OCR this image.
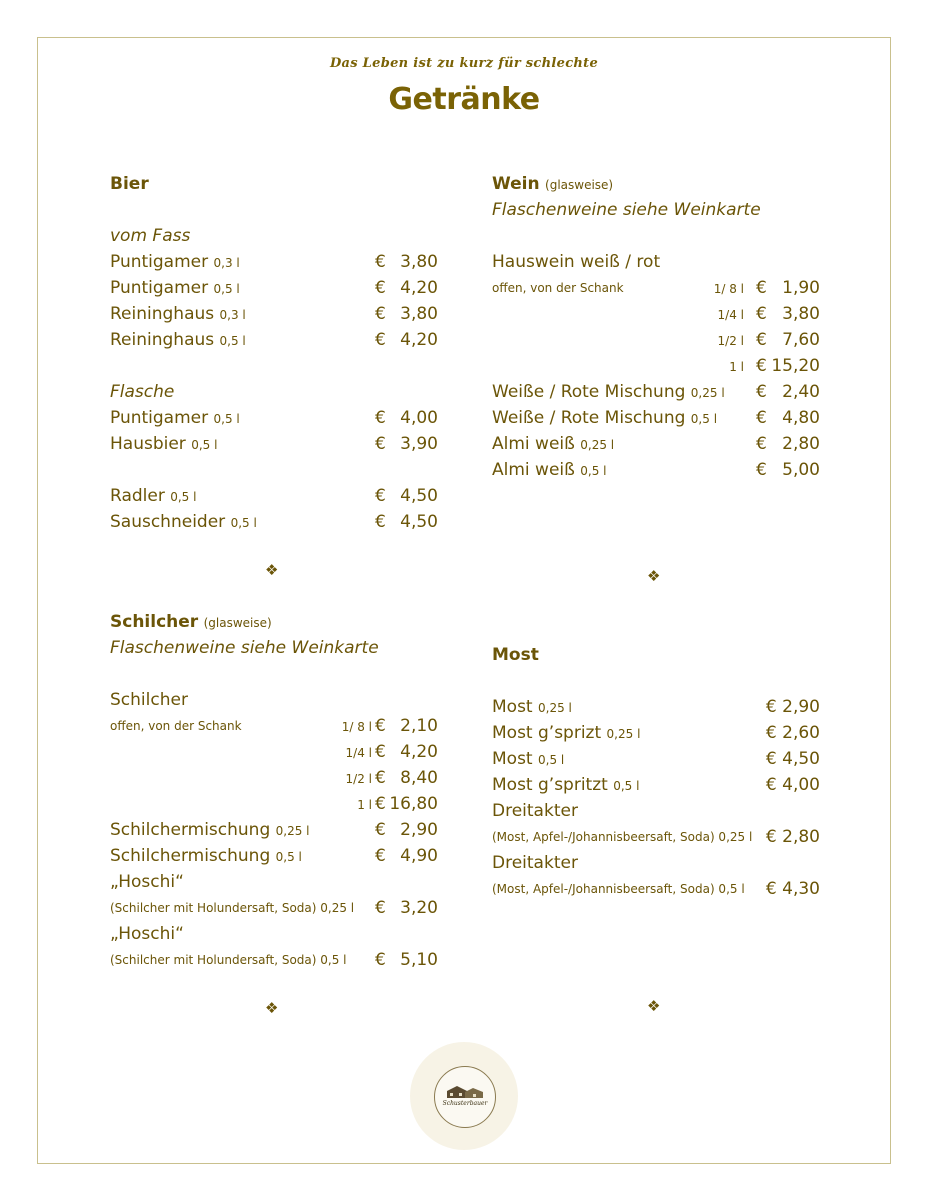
Das Leben ist zu kurz für schlechte
Getränke
Bier
vom Fass
Puntigamer 0,3 l	€ 3,80
Puntigamer 0,5 l	€ 4,20
Reininghaus 0,3 l	€ 3,80
Reininghaus 0,5 l	€ 4,20
Flasche
Puntigamer 0,5 l	€ 4,00
Hausbier 0,5 l	€ 3,90
Radler 0,5 l	€ 4,50
Sauschneider 0,5 l	€ 4,50
Wein (glasweise)
Flaschenweine siehe Weinkarte
Hauswein weiß / rot
offen, von der Schank	1/ 8 l € 1,90
1/4 l € 3,80
1/2 l € 7,60
1 l € 15,20
Weiße / Rote Mischung 0,25 l € 2,40
Weiße / Rote Mischung 0,5 l € 4,80
Almi weiß 0,25 l	€ 2,80
Almi weiß 0,5 l	€ 5,00
❖	❖
Schilcher (glasweise)
Flaschenweine siehe Weinkarte
Schilcher
offen, von der Schank	1/ 8 l € 2,10
1/4 l € 4,20
1/2 l € 8,40
1 l € 16,80
Schilchermischung 0,25 l	€ 2,90
Schilchermischung 0,5 l	€ 4,90
„Hoschi“
(Schilcher mit Holundersaft, Soda) 0,25 l € 3,20
„Hoschi“
(Schilcher mit Holundersaft, Soda) 0,5 l € 5,10
Most
Most 0,25 l	€ 2,90
Most g’sprizt 0,25 l	€ 2,60
Most 0,5 l	€ 4,50
Most g’spritzt 0,5 l	€ 4,00
Dreitakter
(Most, Apfel-/Johannisbeersaft, Soda) 0,25 l € 2,80
Dreitakter
(Most, Apfel-/Johannisbeersaft, Soda) 0,5 l € 4,30
❖	❖
Schusterbauer
